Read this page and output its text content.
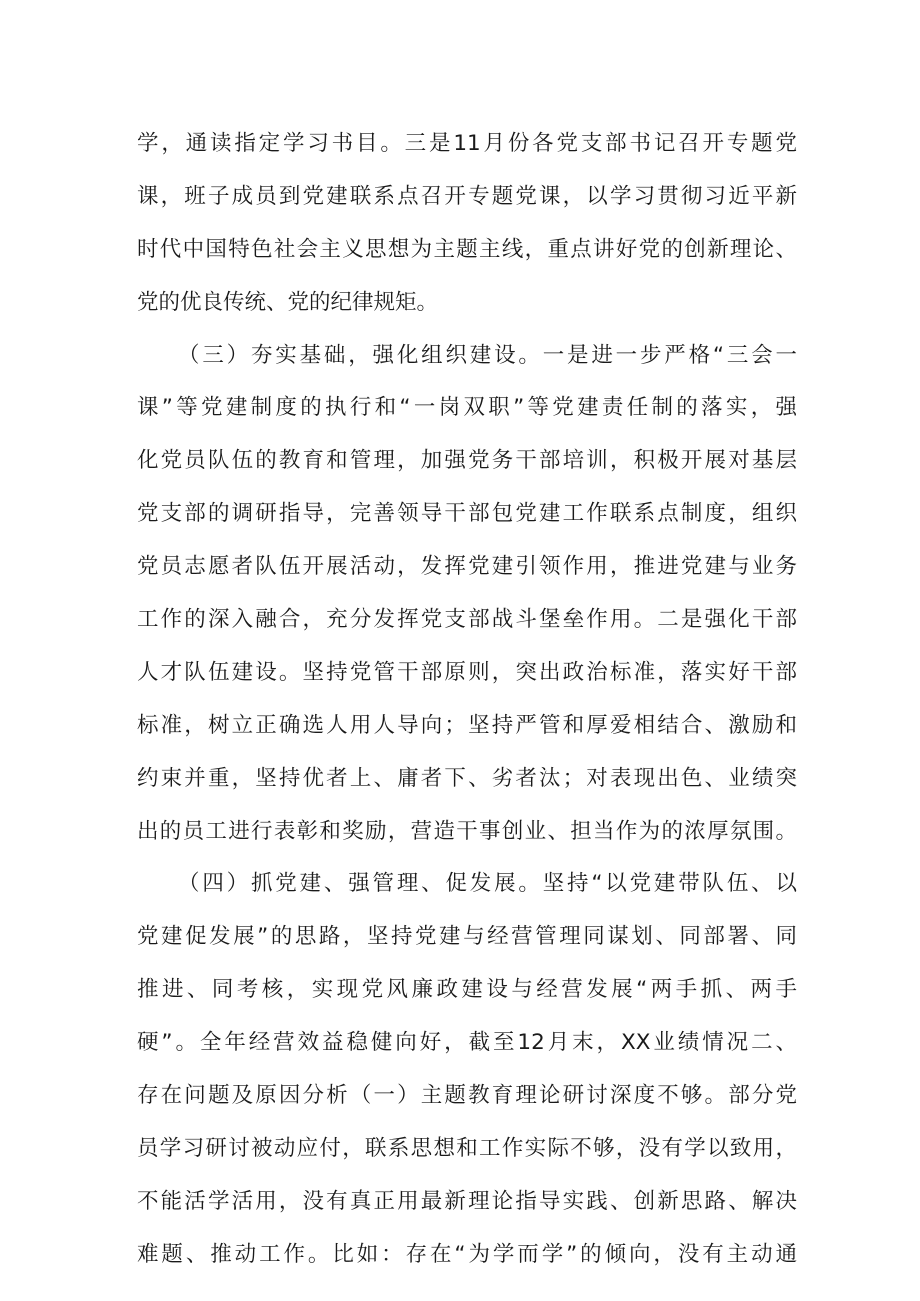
学，通读指定学习书目。三是11月份各党支部书记召开专题党
课，班子成员到党建联系点召开专题党课，以学习贯彻习近平新
时代中国特色社会主义思想为主题主线，重点讲好党的创新理论、
党的优良传统、党的纪律规矩。
（三）夯实基础，强化组织建设。一是进一步严格“三会一
课”等党建制度的执行和“一岗双职”等党建责任制的落实，强
化党员队伍的教育和管理，加强党务干部培训，积极开展对基层
党支部的调研指导，完善领导干部包党建工作联系点制度，组织
党员志愿者队伍开展活动，发挥党建引领作用，推进党建与业务
工作的深入融合，充分发挥党支部战斗堡垒作用。二是强化干部
人才队伍建设。坚持党管干部原则，突出政治标准，落实好干部
标准，树立正确选人用人导向；坚持严管和厚爱相结合、激励和
约束并重，坚持优者上、庸者下、劣者汰；对表现出色、业绩突
出的员工进行表彰和奖励，营造干事创业、担当作为的浓厚氛围。
（四）抓党建、强管理、促发展。坚持“以党建带队伍、以
党建促发展”的思路，坚持党建与经营管理同谋划、同部署、同
推进、同考核，实现党风廉政建设与经营发展“两手抓、两手
硬”。全年经营效益稳健向好，截至12月末，XX业绩情况二、
存在问题及原因分析（一）主题教育理论研讨深度不够。部分党
员学习研讨被动应付，联系思想和工作实际不够，没有学以致用，
不能活学活用，没有真正用最新理论指导实践、创新思路、解决
难题、推动工作。比如：存在“为学而学”的倾向，没有主动通
